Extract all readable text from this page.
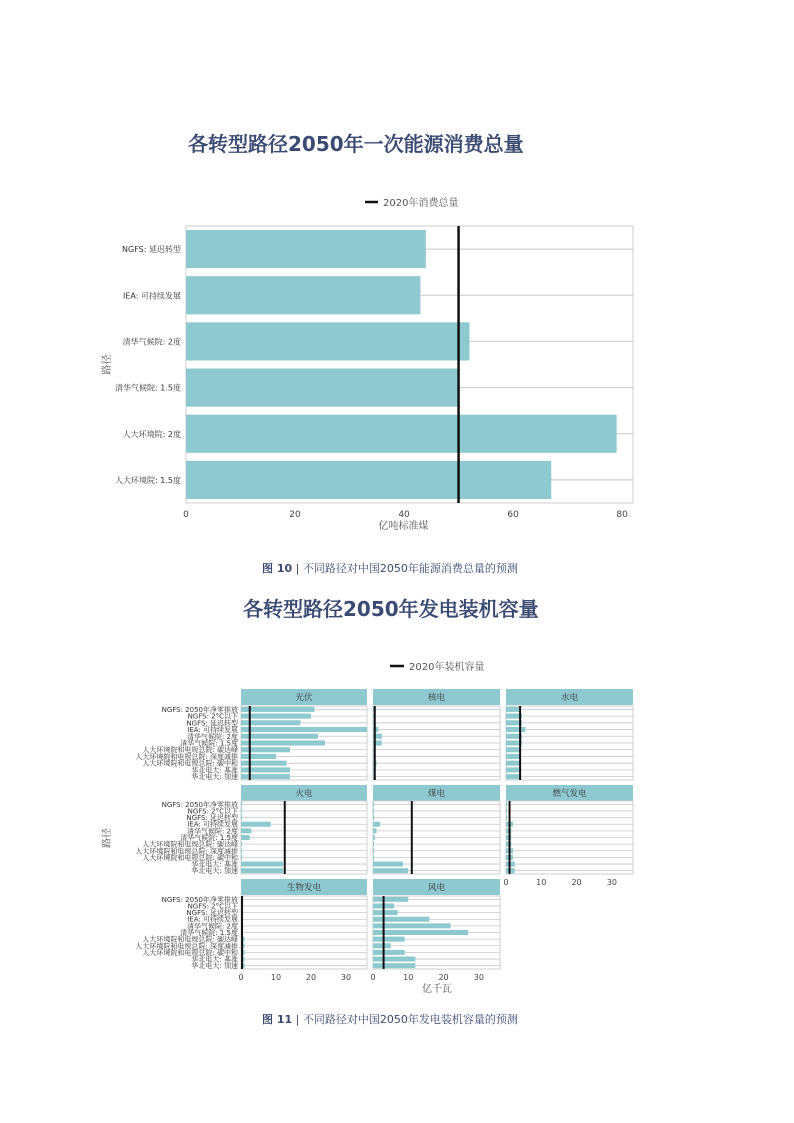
各转型路径2050年一次能源消费总量
各转型路径2050年发电装机容量
图 10 | 不同路径对中国2050年能源消费总量的预测
图 11 | 不同路径对中国2050年发电装机容量的预测
2020年消费总量
NGFS: 延迟转型
IEA: 可持续发展
清华气候院: 2度
清华气候院: 1.5度
人大环境院: 2度
人大环境院: 1.5度
0	20	40	60	80
亿吨标准煤
路径
2020年装机容量
光伏
NGFS: 2050年净零排放
NGFS: 2°C以下
NGFS: 延迟转型
IEA: 可持续发展
清华气候院: 2度
清华气候院: 1.5度
人大环境院和电规总院: 碳达峰
人大环境院和电规总院: 深度减排
人大环境院和电规总院: 碳中和
华北电大: 基准
华北电大: 加速
核电	水电
火电
NGFS: 2050年净零排放
NGFS: 2°C以下
NGFS: 延迟转型
IEA: 可持续发展
清华气候院: 2度
清华气候院: 1.5度
人大环境院和电规总院: 碳达峰
人大环境院和电规总院: 深度减排
人大环境院和电规总院: 碳中和
华北电大: 基准
华北电大: 加速
煤电	燃气发电
0	10	20	30
生物发电
NGFS: 2050年净零排放
NGFS: 2°C以下
NGFS: 延迟转型
IEA: 可持续发展
清华气候院: 2度
清华气候院: 1.5度
人大环境院和电规总院: 碳达峰
人大环境院和电规总院: 深度减排
人大环境院和电规总院: 碳中和
华北电大: 基准
华北电大: 加速
0	10	20	30
风电
0	10	20	30
亿千瓦
路径
